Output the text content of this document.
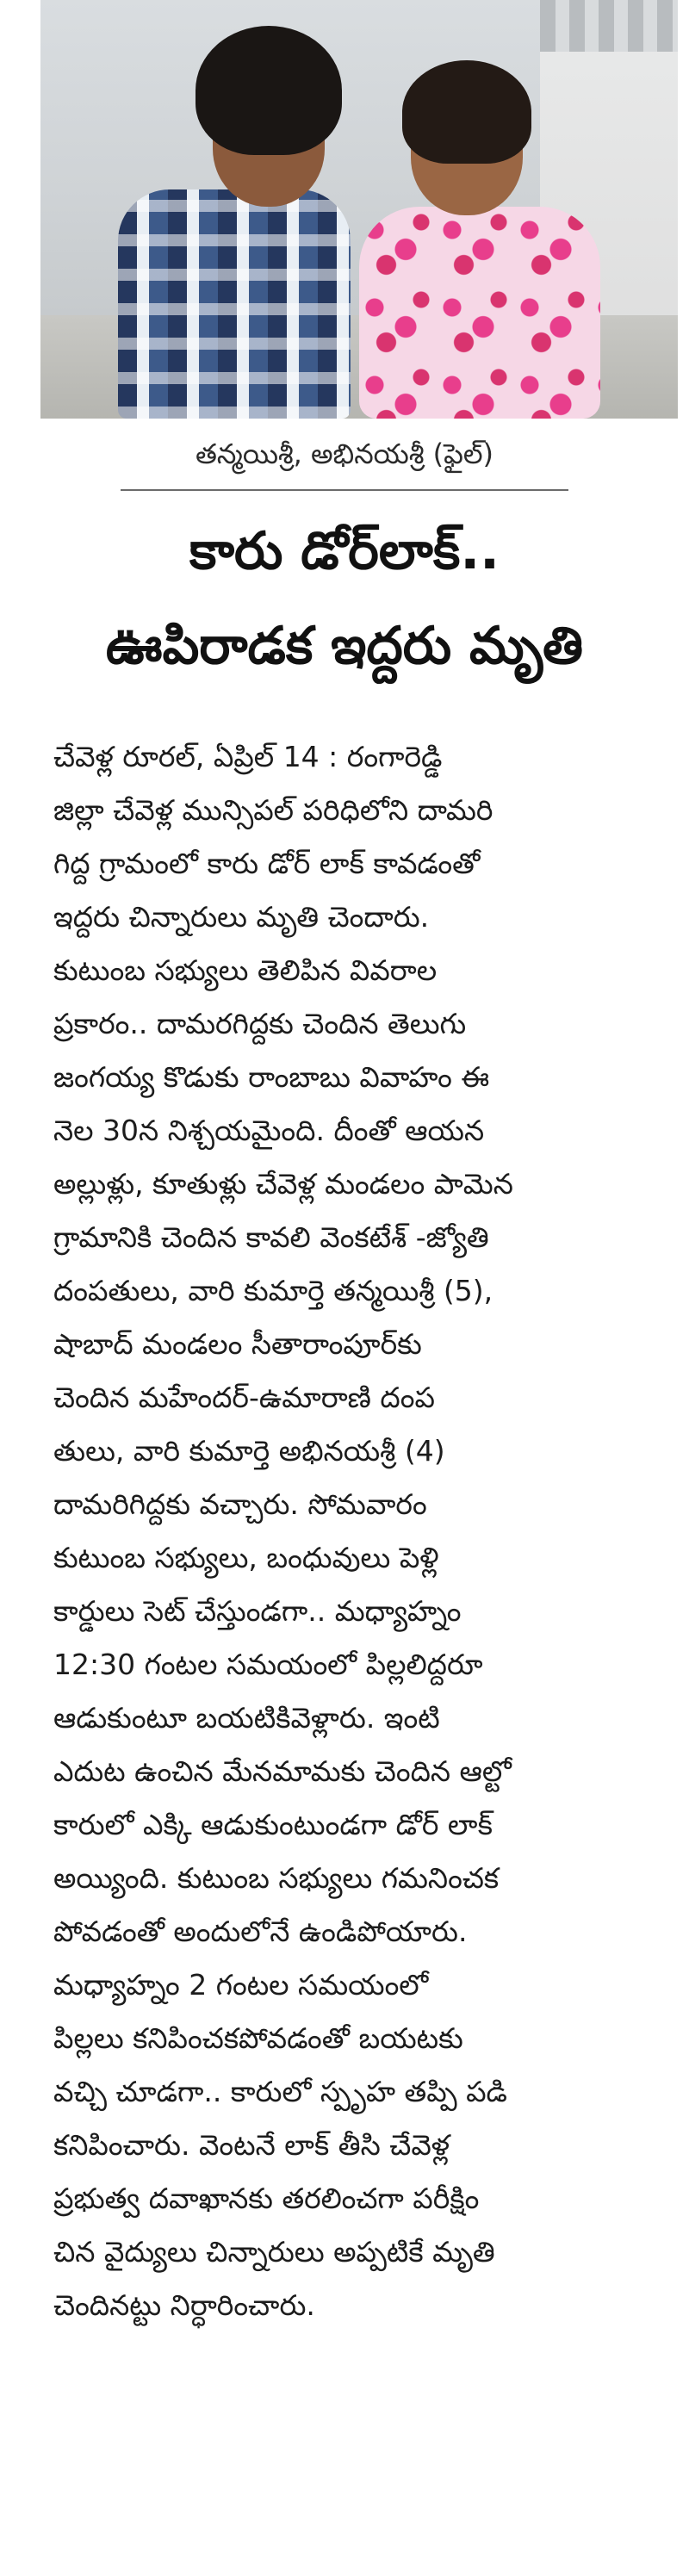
తన్మయిశ్రీ, అభినయశ్రీ (ఫైల్)
కారు డోర్‌లాక్..
ఊపిరాడక ఇద్దరు మృతి
చేవెళ్ల రూరల్, ఏప్రిల్ 14 : రంగారెడ్డి
జిల్లా చేవెళ్ల మున్సిపల్ పరిధిలోని దామరి
గిద్ద గ్రామంలో కారు డోర్ లాక్ కావడంతో
ఇద్దరు చిన్నారులు మృతి చెందారు.
కుటుంబ సభ్యులు తెలిపిన వివరాల
ప్రకారం.. దామరగిద్దకు చెందిన తెలుగు
జంగయ్య కొడుకు రాంబాబు వివాహం ఈ
నెల 30న నిశ్చయమైంది. దీంతో ఆయన
అల్లుళ్లు, కూతుళ్లు చేవెళ్ల మండలం పామెన
గ్రామానికి చెందిన కావలి వెంకటేశ్ -జ్యోతి
దంపతులు, వారి కుమార్తె తన్మయిశ్రీ (5),
షాబాద్ మండలం సీతారాంపూర్‌కు
చెందిన మహేందర్-ఉమారాణి దంప
తులు, వారి కుమార్తె అభినయశ్రీ (4)
దామరిగిద్దకు వచ్చారు. సోమవారం
కుటుంబ సభ్యులు, బంధువులు పెళ్లి
కార్డులు సెట్ చేస్తుండగా.. మధ్యాహ్నం
12:30 గంటల సమయంలో పిల్లలిద్దరూ
ఆడుకుంటూ బయటికివెళ్లారు. ఇంటి
ఎదుట ఉంచిన మేనమామకు చెందిన ఆల్టో
కారులో ఎక్కి ఆడుకుంటుండగా డోర్ లాక్
అయ్యింది. కుటుంబ సభ్యులు గమనించక
పోవడంతో అందులోనే ఉండిపోయారు.
మధ్యాహ్నం 2 గంటల సమయంలో
పిల్లలు కనిపించకపోవడంతో బయటకు
వచ్చి చూడగా.. కారులో స్పృహ తప్పి పడి
కనిపించారు. వెంటనే లాక్ తీసి చేవెళ్ల
ప్రభుత్వ దవాఖానకు తరలించగా పరీక్షిం
చిన వైద్యులు చిన్నారులు అప్పటికే మృతి
చెందినట్టు నిర్ధారించారు.
